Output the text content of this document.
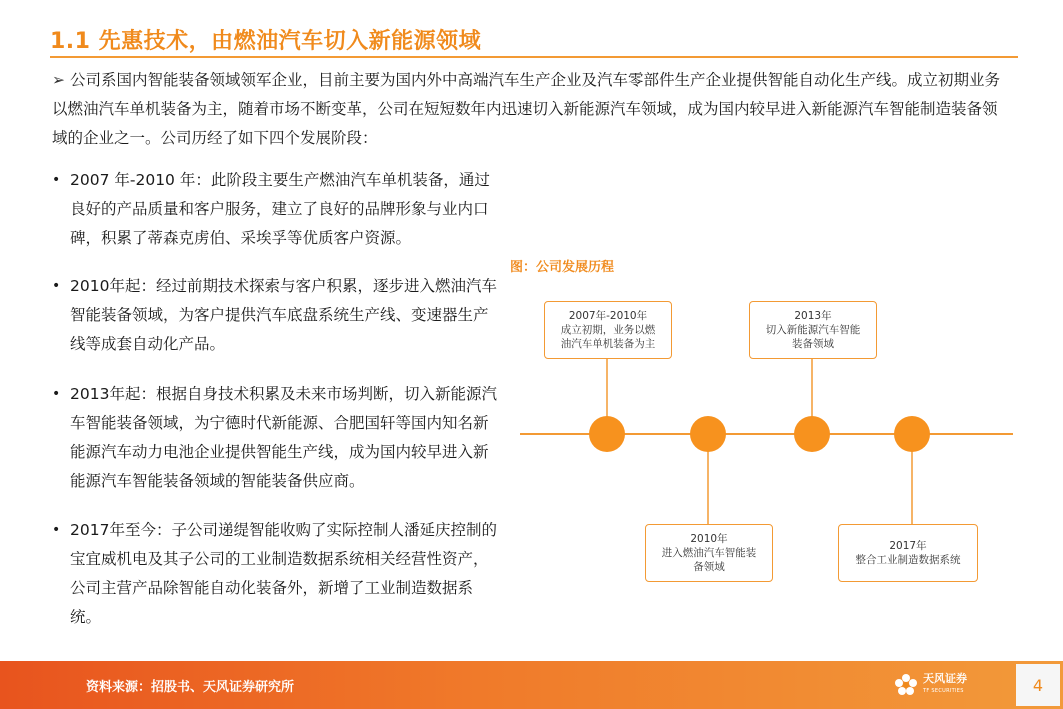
1.1 先惠技术，由燃油汽车切入新能源领域
➢ 公司系国内智能装备领域领军企业，目前主要为国内外中高端汽车生产企业及汽车零部件生产企业提供智能自动化生产线。成立初期业务以燃油汽车单机装备为主，随着市场不断变革，公司在短短数年内迅速切入新能源汽车领域，成为国内较早进入新能源汽车智能制造装备领域的企业之一。公司历经了如下四个发展阶段：
• 2007 年-2010 年：此阶段主要生产燃油汽车单机装备，通过良好的产品质量和客户服务，建立了良好的品牌形象与业内口碑，积累了蒂森克虏伯、采埃孚等优质客户资源。
• 2010年起：经过前期技术探索与客户积累，逐步进入燃油汽车智能装备领域，为客户提供汽车底盘系统生产线、变速器生产线等成套自动化产品。
• 2013年起：根据自身技术积累及未来市场判断，切入新能源汽车智能装备领域，为宁德时代新能源、合肥国轩等国内知名新能源汽车动力电池企业提供智能生产线，成为国内较早进入新能源汽车智能装备领域的智能装备供应商。
• 2017年至今：子公司递缇智能收购了实际控制人潘延庆控制的宝宜威机电及其子公司的工业制造数据系统相关经营性资产，公司主营产品除智能自动化装备外，新增了工业制造数据系统。
图：公司发展历程
2007年-2010年
成立初期，业务以燃
油汽车单机装备为主
2013年
切入新能源汽车智能
装备领域
2010年
进入燃油汽车智能装
备领域
2017年
整合工业制造数据系统
资料来源：招股书、天风证券研究所
天风证券
TF SECURITIES	4
